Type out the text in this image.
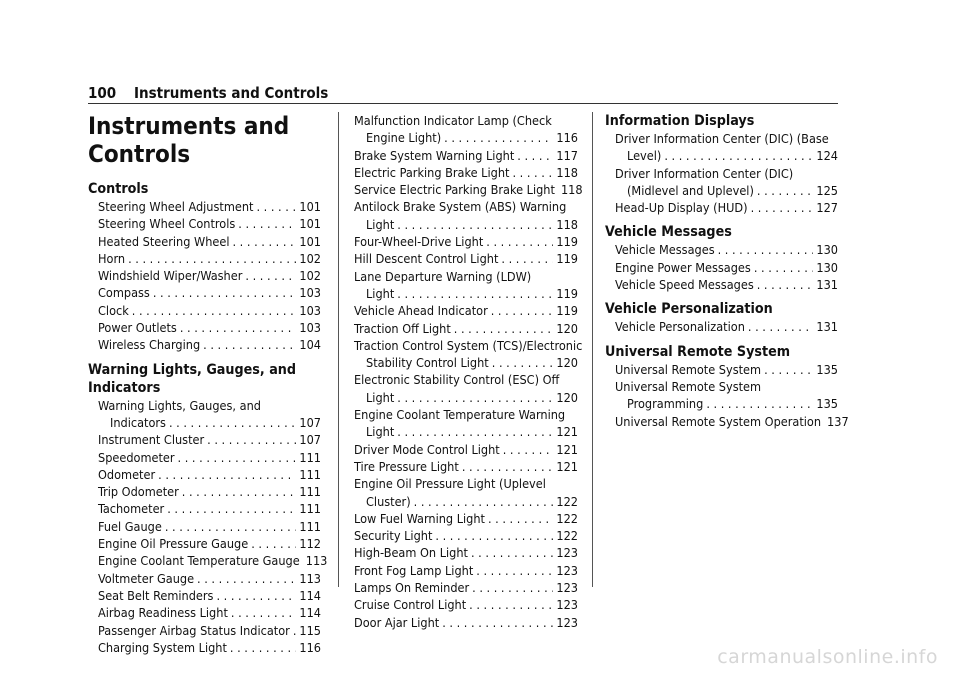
100 Instruments and Controls
Instruments and Controls
Controls
Steering Wheel Adjustment . . .	101
Steering Wheel Controls . . .	101
Heated Steering Wheel . . .	101
Horn . . .	102
Windshield Wiper/Washer . . .	102
Compass . . .	103
Clock . . .	103
Power Outlets . . .	103
Wireless Charging . . .	104
Warning Lights, Gauges, and Indicators
Warning Lights, Gauges, and
Indicators . . .	107
Instrument Cluster . . .	107
Speedometer . . .	111
Odometer . . .	111
Trip Odometer . . .	111
Tachometer . . .	111
Fuel Gauge . . .	111
Engine Oil Pressure Gauge . . .	112
Engine Coolant Temperature Gauge 113
Voltmeter Gauge . . .	113
Seat Belt Reminders . . .	114
Airbag Readiness Light . . .	114
Passenger Airbag Status Indicator . . . 115
Charging System Light . . .	116
Malfunction Indicator Lamp (Check
Engine Light) . . .	116
Brake System Warning Light . . .	117
Electric Parking Brake Light . . .	118
Service Electric Parking Brake Light 118
Antilock Brake System (ABS) Warning
Light . . .	118
Four-Wheel-Drive Light . . .	119
Hill Descent Control Light . . .	119
Lane Departure Warning (LDW)
Light . . .	119
Vehicle Ahead Indicator . . .	119
Traction Off Light . . .	120
Traction Control System (TCS)/Electronic
Stability Control Light . . .	120
Electronic Stability Control (ESC) Off
Light . . .	120
Engine Coolant Temperature Warning
Light . . .	121
Driver Mode Control Light . . .	121
Tire Pressure Light . . .	121
Engine Oil Pressure Light (Uplevel
Cluster) . . .	122
Low Fuel Warning Light . . .	122
Security Light . . .	122
High-Beam On Light . . .	123
Front Fog Lamp Light . . .	123
Lamps On Reminder . . .	123
Cruise Control Light . . .	123
Door Ajar Light . . .	123
Information Displays
Driver Information Center (DIC) (Base
Level) . . .	124
Driver Information Center (DIC)
(Midlevel and Uplevel) . . .	125
Head-Up Display (HUD) . . .	127
Vehicle Messages
Vehicle Messages . . .	130
Engine Power Messages . . .	130
Vehicle Speed Messages . . .	131
Vehicle Personalization
Vehicle Personalization . . .	131
Universal Remote System
Universal Remote System . . .	135
Universal Remote System
Programming . . .	135
Universal Remote System Operation 137
carmanualsonline.info
